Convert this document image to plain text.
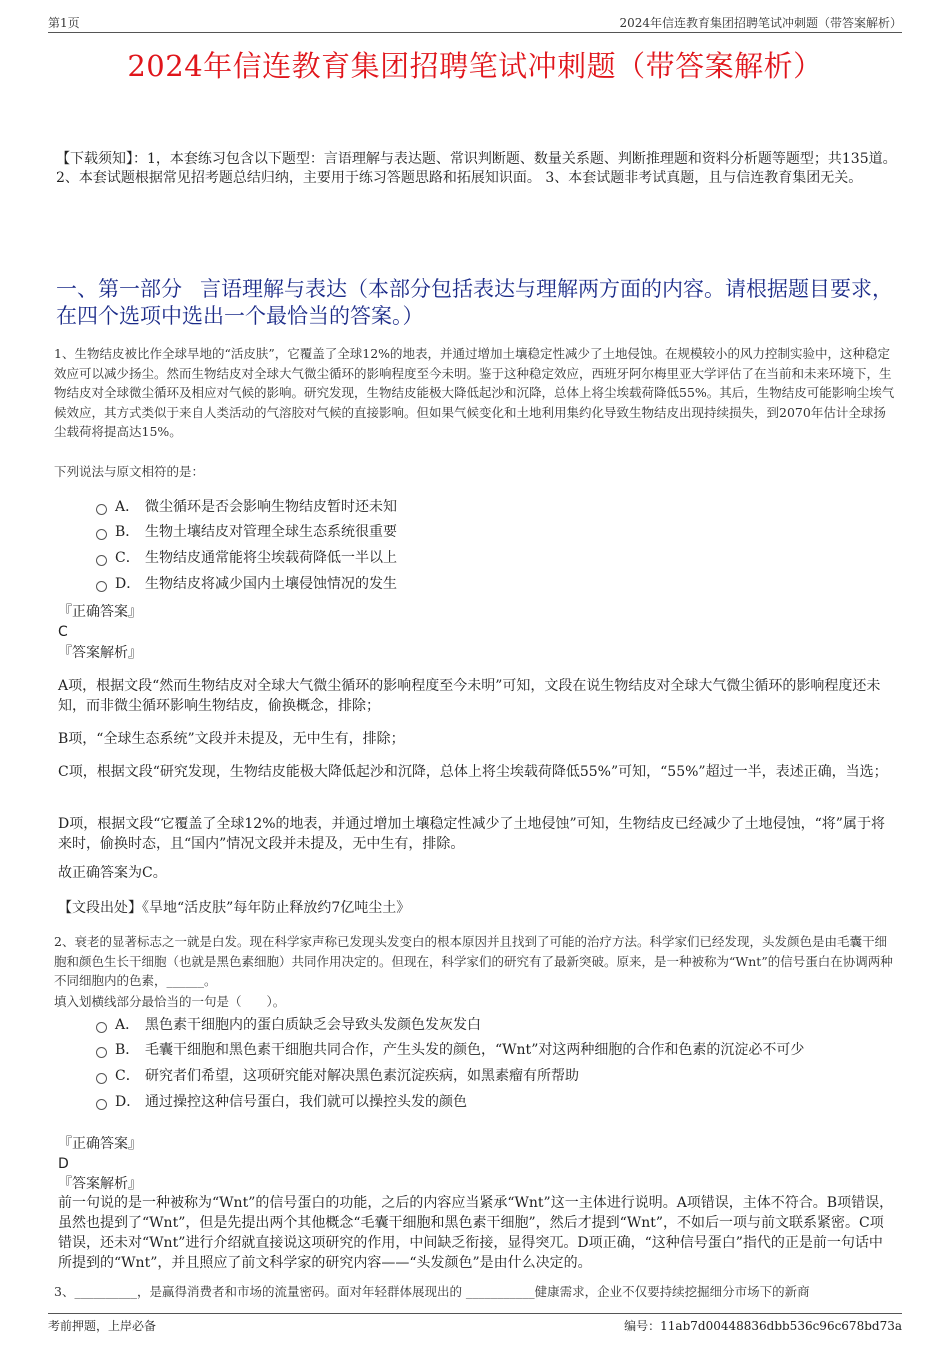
第1页	2024年信连教育集团招聘笔试冲刺题（带答案解析）
2024年信连教育集团招聘笔试冲刺题（带答案解析）
【下载须知】：1，本套练习包含以下题型：言语理解与表达题、常识判断题、数量关系题、判断推理题和资料分析题等题型；共135道。 2、本套试题根据常见招考题总结归纳，主要用于练习答题思路和拓展知识面。 3、本套试题非考试真题，且与信连教育集团无关。
一、第一部分 言语理解与表达（本部分包括表达与理解两方面的内容。请根据题目要求，在四个选项中选出一个最恰当的答案。）
1、生物结皮被比作全球旱地的“活皮肤”，它覆盖了全球12%的地表，并通过增加土壤稳定性减少了土地侵蚀。在规模较小的风力控制实验中，这种稳定效应可以减少扬尘。然而生物结皮对全球大气微尘循环的影响程度至今未明。鉴于这种稳定效应，西班牙阿尔梅里亚大学评估了在当前和未来环境下，生物结皮对全球微尘循环及相应对气候的影响。研究发现，生物结皮能极大降低起沙和沉降，总体上将尘埃载荷降低55%。其后，生物结皮可能影响尘埃气候效应，其方式类似于来自人类活动的气溶胶对气候的直接影响。但如果气候变化和土地利用集约化导致生物结皮出现持续损失，到2070年估计全球扬尘载荷将提高达15%。
下列说法与原文相符的是：
A． 微尘循环是否会影响生物结皮暂时还未知
B． 生物土壤结皮对管理全球生态系统很重要
C． 生物结皮通常能将尘埃载荷降低一半以上
D． 生物结皮将减少国内土壤侵蚀情况的发生
『正确答案』
C
『答案解析』
A项，根据文段“然而生物结皮对全球大气微尘循环的影响程度至今未明”可知，文段在说生物结皮对全球大气微尘循环的影响程度还未知，而非微尘循环影响生物结皮，偷换概念，排除；
B项，“全球生态系统”文段并未提及，无中生有，排除；
C项，根据文段“研究发现，生物结皮能极大降低起沙和沉降，总体上将尘埃载荷降低55%”可知，“55%”超过一半，表述正确，当选；
D项，根据文段“它覆盖了全球12%的地表，并通过增加土壤稳定性减少了土地侵蚀”可知，生物结皮已经减少了土地侵蚀，“将”属于将来时，偷换时态，且“国内”情况文段并未提及，无中生有，排除。
故正确答案为C。
【文段出处】《旱地“活皮肤”每年防止释放约7亿吨尘土》
2、衰老的显著标志之一就是白发。现在科学家声称已发现头发变白的根本原因并且找到了可能的治疗方法。科学家们已经发现，头发颜色是由毛囊干细胞和颜色生长干细胞（也就是黑色素细胞）共同作用决定的。但现在，科学家们的研究有了最新突破。原来，是一种被称为“Wnt”的信号蛋白在协调两种不同细胞内的色素，______。
填入划横线部分最恰当的一句是（　　）。
A． 黑色素干细胞内的蛋白质缺乏会导致头发颜色发灰发白
B． 毛囊干细胞和黑色素干细胞共同合作，产生头发的颜色，“Wnt”对这两种细胞的合作和色素的沉淀必不可少
C． 研究者们希望，这项研究能对解决黑色素沉淀疾病，如黑素瘤有所帮助
D． 通过操控这种信号蛋白，我们就可以操控头发的颜色
『正确答案』
D
『答案解析』
前一句说的是一种被称为“Wnt”的信号蛋白的功能，之后的内容应当紧承“Wnt”这一主体进行说明。A项错误，主体不符合。B项错误，虽然也提到了“Wnt”，但是先提出两个其他概念“毛囊干细胞和黑色素干细胞”，然后才提到“Wnt”，不如后一项与前文联系紧密。C项错误，还未对“Wnt”进行介绍就直接说这项研究的作用，中间缺乏衔接，显得突兀。D项正确，“这种信号蛋白”指代的正是前一句话中所提到的“Wnt”，并且照应了前文科学家的研究内容——“头发颜色”是由什么决定的。
3、__________，是赢得消费者和市场的流量密码。面对年轻群体展现出的 ___________健康需求，企业不仅要持续挖掘细分市场下的新商
考前押题，上岸必备	编号：11ab7d00448836dbb536c96c678bd73a
